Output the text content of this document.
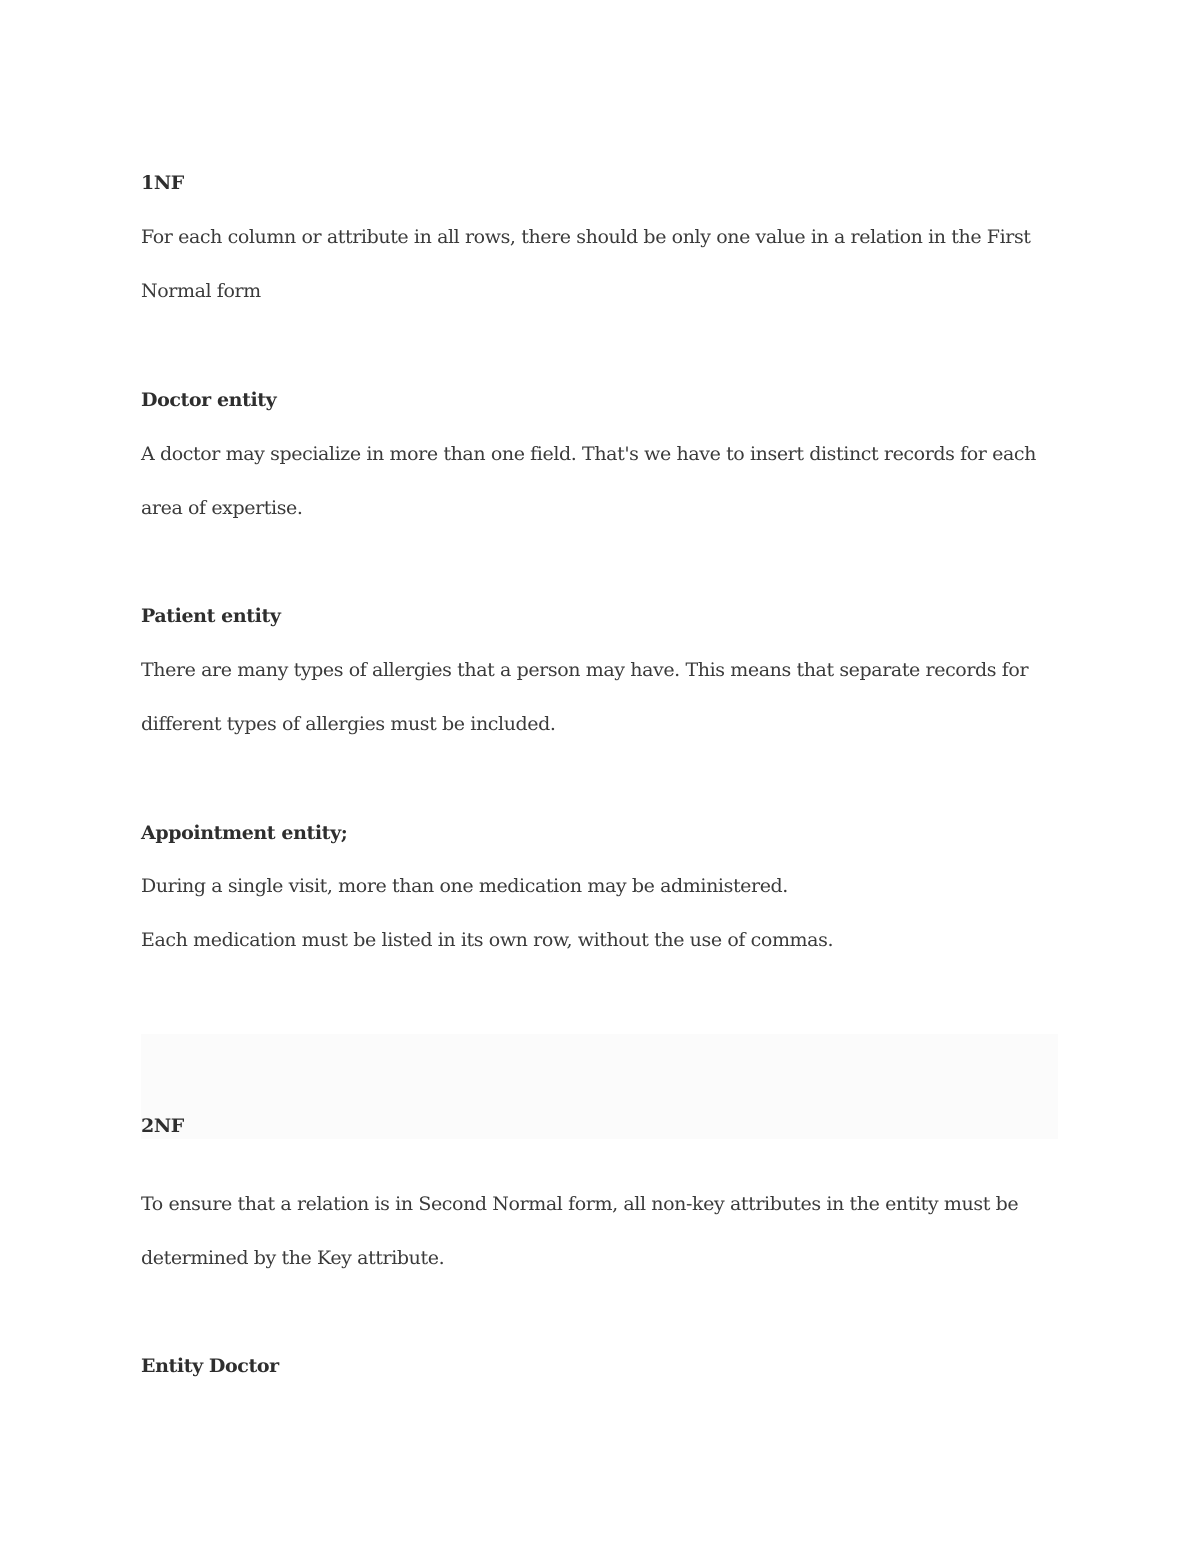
1NF
For each column or attribute in all rows, there should be only one value in a relation in the First
Normal form
Doctor entity
A doctor may specialize in more than one field. That's we have to insert distinct records for each
area of expertise.
Patient entity
There are many types of allergies that a person may have. This means that separate records for
different types of allergies must be included.
Appointment entity;
During a single visit, more than one medication may be administered.
Each medication must be listed in its own row, without the use of commas.
2NF
To ensure that a relation is in Second Normal form, all non-key attributes in the entity must be
determined by the Key attribute.
Entity Doctor
